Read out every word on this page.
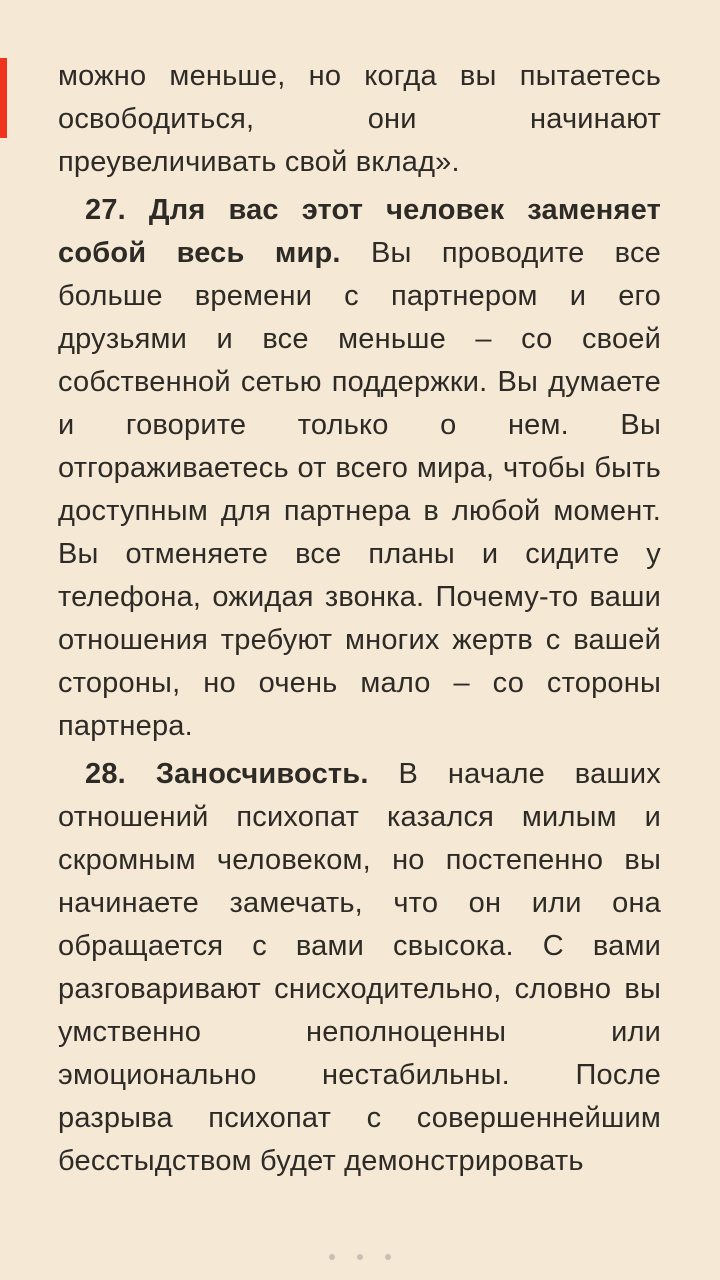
можно меньше, но когда вы пытаетесь освободиться, они начинают преувеличивать свой вклад».

27. Для вас этот человек заменяет собой весь мир. Вы проводите все больше времени с партнером и его друзьями и все меньше – со своей собственной сетью поддержки. Вы думаете и говорите только о нем. Вы отгораживаетесь от всего мира, чтобы быть доступным для партнера в любой момент. Вы отменяете все планы и сидите у телефона, ожидая звонка. Почему-то ваши отношения требуют многих жертв с вашей стороны, но очень мало – со стороны партнера.

28. Заносчивость. В начале ваших отношений психопат казался милым и скромным человеком, но постепенно вы начинаете замечать, что он или она обращается с вами свысока. С вами разговаривают снисходительно, словно вы умственно неполноценны или эмоционально нестабильны. После разрыва психопат с совершеннейшим бесстыдством будет демонстрировать
